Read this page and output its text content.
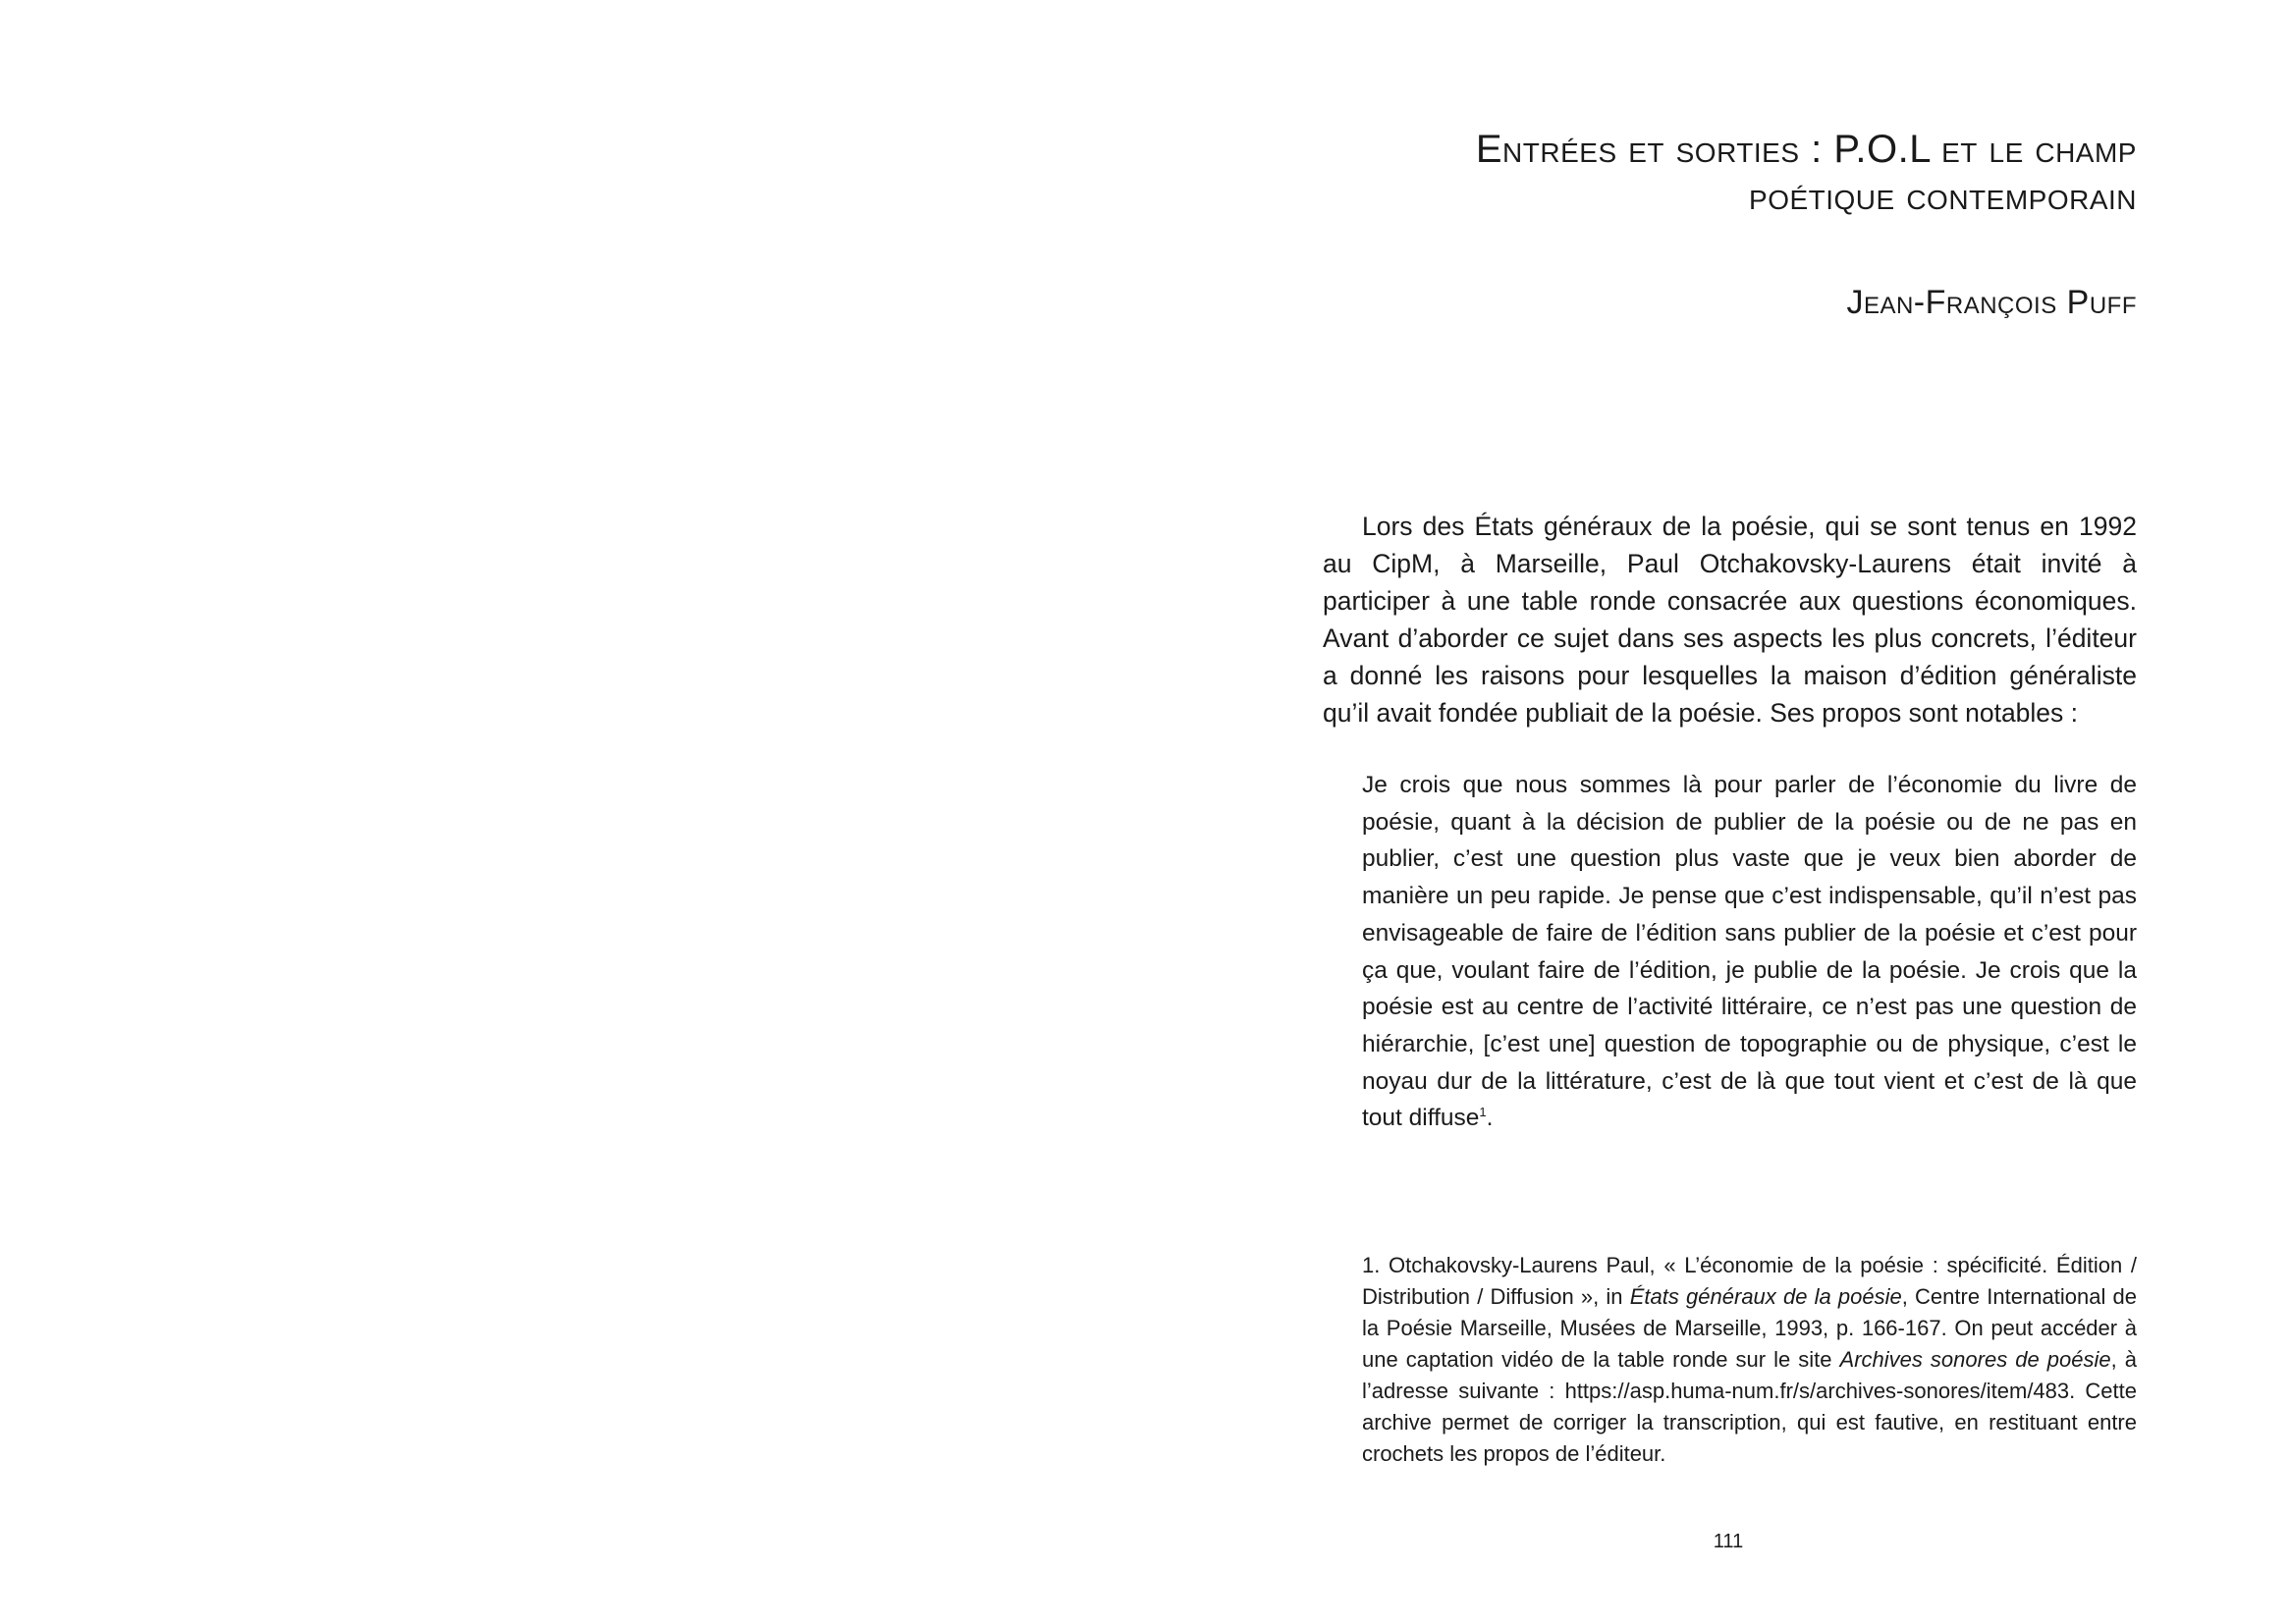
Entrées et sorties : P.O.L et le champ
poétique contemporain
Jean-François Puff

Lors des États généraux de la poésie, qui se sont tenus en 1992 au CipM, à Marseille, Paul Otchakovsky-Laurens était invité à participer à une table ronde consacrée aux questions économiques. Avant d’aborder ce sujet dans ses aspects les plus concrets, l’éditeur a donné les raisons pour lesquelles la maison d’édition généraliste qu’il avait fondée publiait de la poésie. Ses propos sont notables :

Je crois que nous sommes là pour parler de l’économie du livre de poésie, quant à la décision de publier de la poésie ou de ne pas en publier, c’est une question plus vaste que je veux bien aborder de manière un peu rapide. Je pense que c’est indispensable, qu’il n’est pas envisageable de faire de l’édition sans publier de la poésie et c’est pour ça que, voulant faire de l’édition, je publie de la poésie. Je crois que la poésie est au centre de l’activité littéraire, ce n’est pas une question de hiérarchie, [c’est une] question de topographie ou de physique, c’est le noyau dur de la littérature, c’est de là que tout vient et c’est de là que tout diffuse$^1$.

1. Otchakovsky-Laurens Paul, « L’économie de la poésie : spécificité. Édition / Distribution / Diffusion », in États généraux de la poésie, Centre International de la Poésie Marseille, Musées de Marseille, 1993, p. 166-167. On peut accéder à une captation vidéo de la table ronde sur le site Archives sonores de poésie, à l’adresse suivante : https://asp.huma-num.fr/s/archives-sonores/item/483. Cette archive permet de corriger la transcription, qui est fautive, en restituant entre crochets les propos de l’éditeur.

111
